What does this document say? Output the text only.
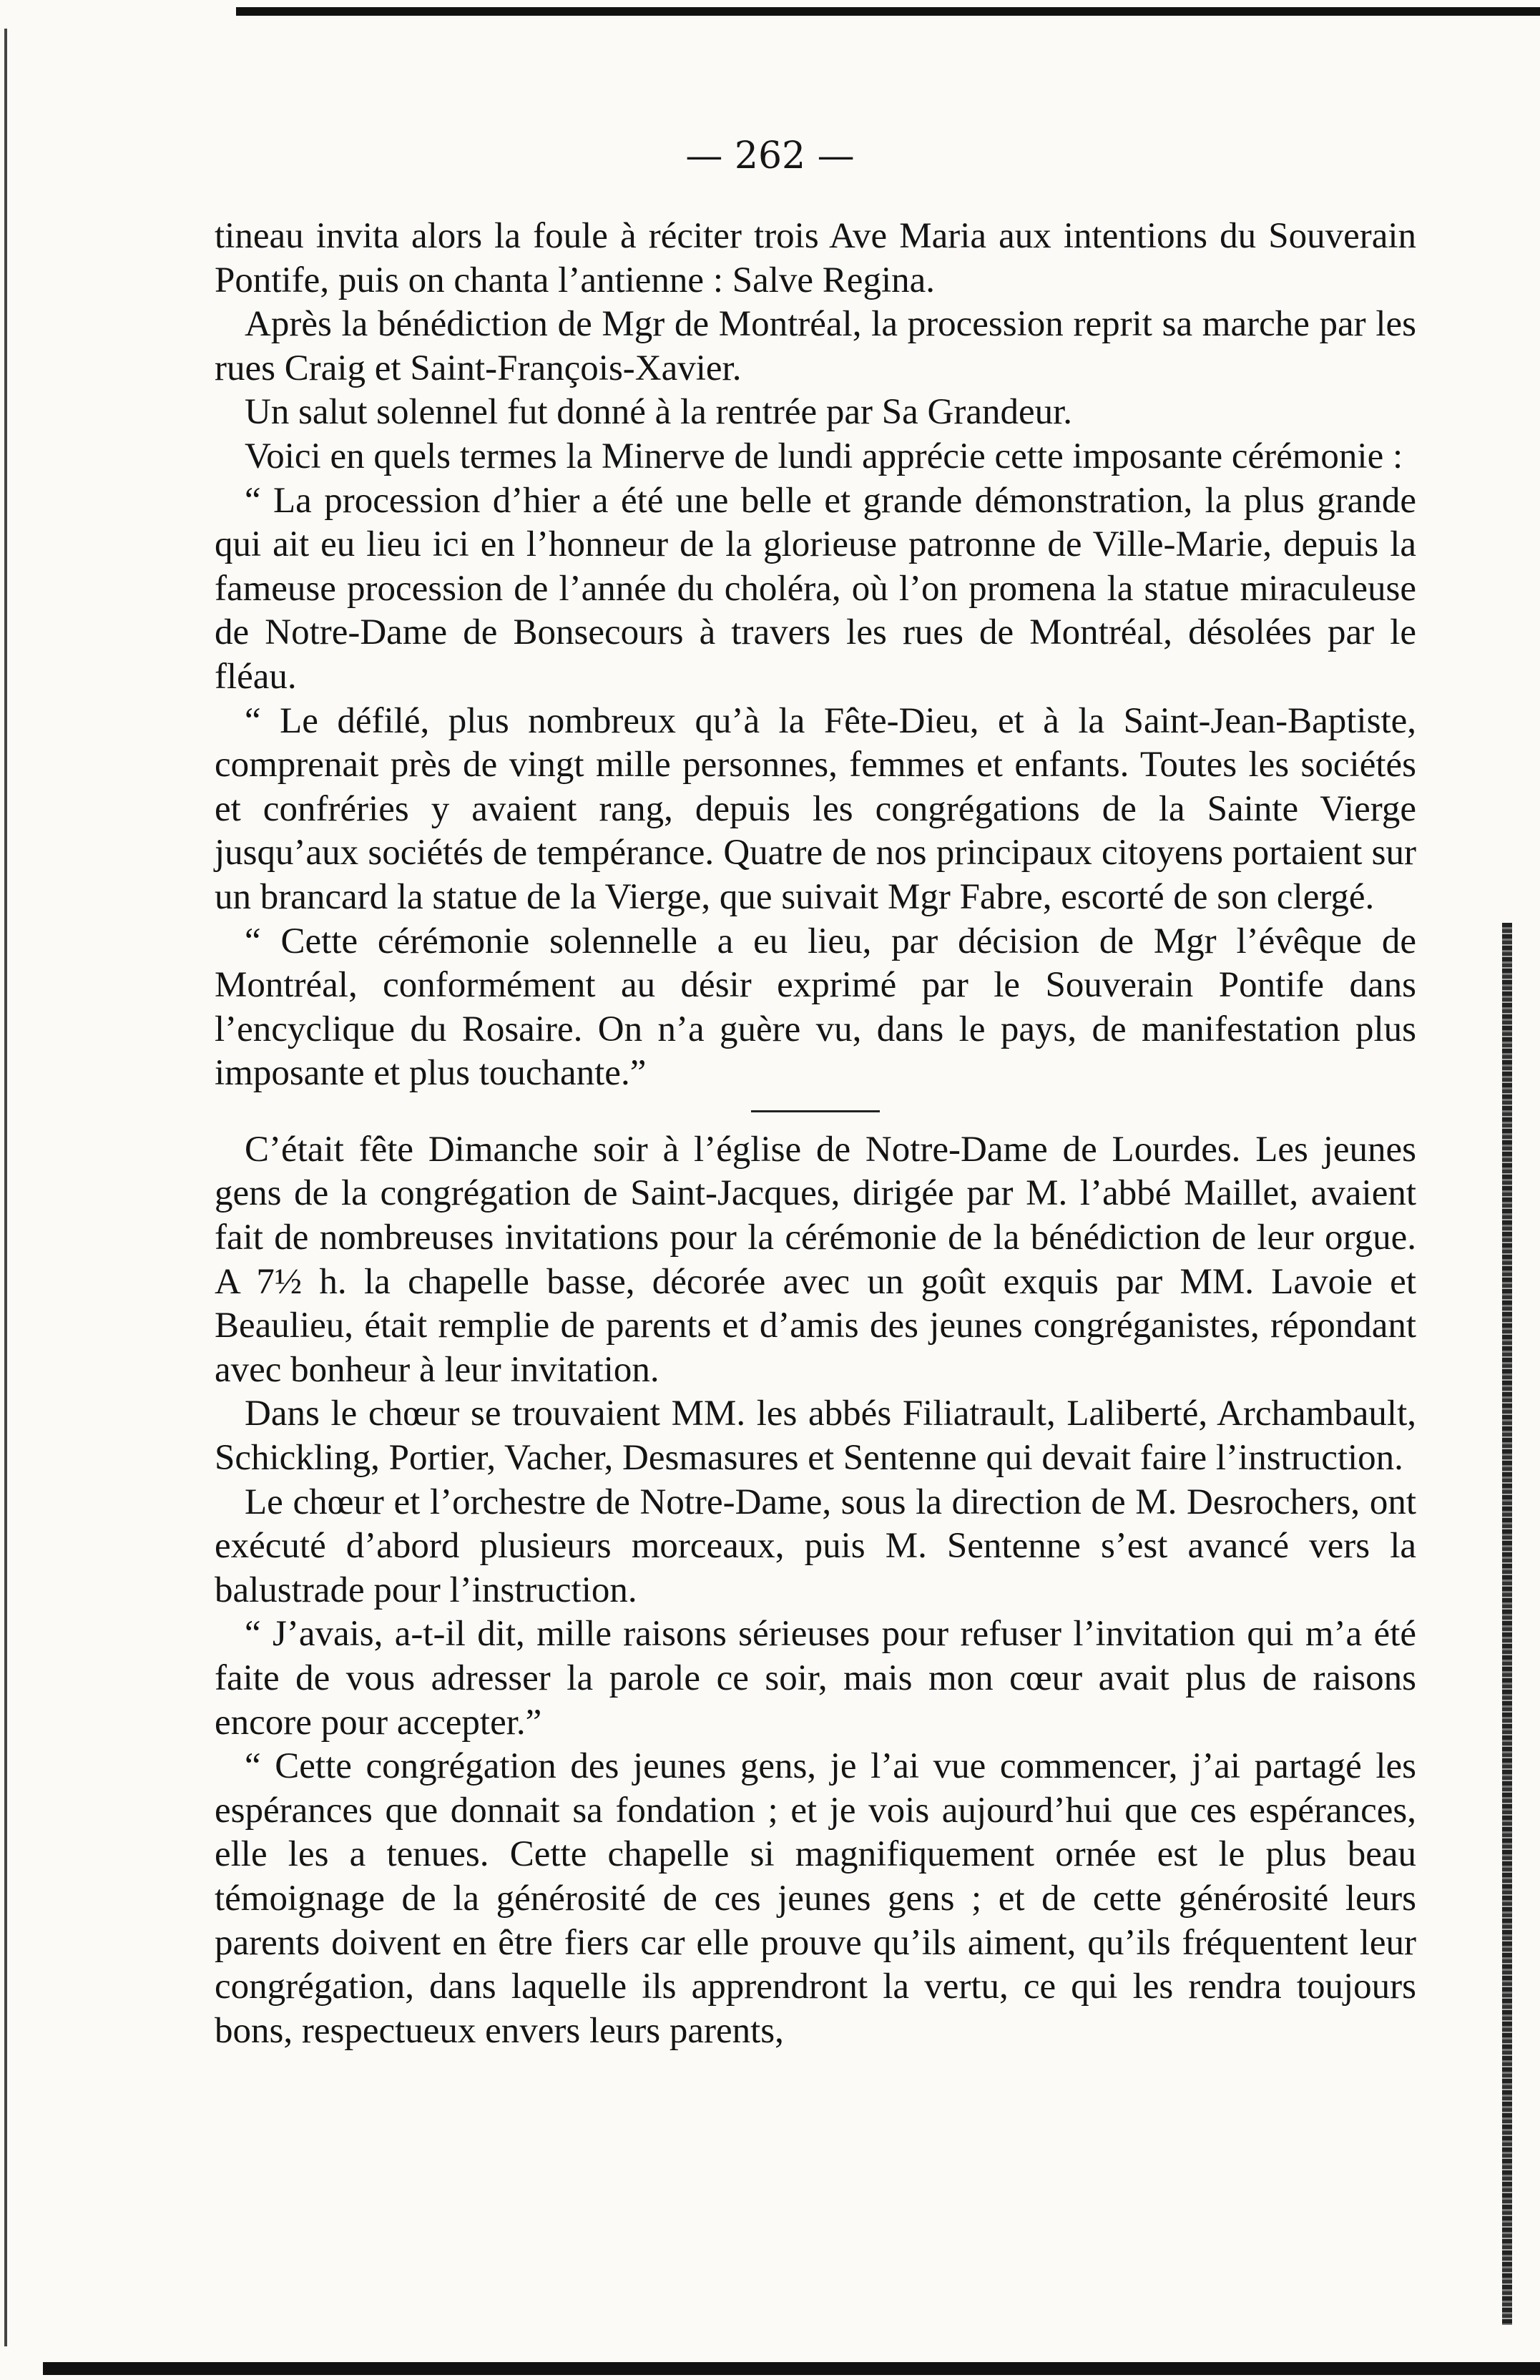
— 262 —

tineau invita alors la foule à réciter trois Ave Maria aux intentions du Souverain Pontife, puis on chanta l’antienne : Salve Regina.

Après la bénédiction de Mgr de Montréal, la procession reprit sa marche par les rues Craig et Saint-François-Xavier.

Un salut solennel fut donné à la rentrée par Sa Grandeur.

Voici en quels termes la Minerve de lundi apprécie cette imposante cérémonie :

“ La procession d’hier a été une belle et grande démonstration, la plus grande qui ait eu lieu ici en l’honneur de la glorieuse patronne de Ville-Marie, depuis la fameuse procession de l’année du choléra, où l’on promena la statue miraculeuse de Notre-Dame de Bonsecours à travers les rues de Montréal, désolées par le fléau.

“ Le défilé, plus nombreux qu’à la Fête-Dieu, et à la Saint-Jean-Baptiste, comprenait près de vingt mille personnes, femmes et enfants. Toutes les sociétés et confréries y avaient rang, depuis les congrégations de la Sainte Vierge jusqu’aux sociétés de tempérance. Quatre de nos principaux citoyens portaient sur un brancard la statue de la Vierge, que suivait Mgr Fabre, escorté de son clergé.

“ Cette cérémonie solennelle a eu lieu, par décision de Mgr l’évêque de Montréal, conformément au désir exprimé par le Souverain Pontife dans l’encyclique du Rosaire. On n’a guère vu, dans le pays, de manifestation plus imposante et plus touchante.”

C’était fête Dimanche soir à l’église de Notre-Dame de Lourdes. Les jeunes gens de la congrégation de Saint-Jacques, dirigée par M. l’abbé Maillet, avaient fait de nombreuses invitations pour la cérémonie de la bénédiction de leur orgue. A 7½ h. la chapelle basse, décorée avec un goût exquis par MM. Lavoie et Beaulieu, était remplie de parents et d’amis des jeunes congréganistes, répondant avec bonheur à leur invitation.

Dans le chœur se trouvaient MM. les abbés Filiatrault, Laliberté, Archambault, Schickling, Portier, Vacher, Desmasures et Sentenne qui devait faire l’instruction.

Le chœur et l’orchestre de Notre-Dame, sous la direction de M. Desrochers, ont exécuté d’abord plusieurs morceaux, puis M. Sentenne s’est avancé vers la balustrade pour l’instruction.

“ J’avais, a-t-il dit, mille raisons sérieuses pour refuser l’invitation qui m’a été faite de vous adresser la parole ce soir, mais mon cœur avait plus de raisons encore pour accepter.”

“ Cette congrégation des jeunes gens, je l’ai vue commencer, j’ai partagé les espérances que donnait sa fondation ; et je vois aujourd’hui que ces espérances, elle les a tenues. Cette chapelle si magnifiquement ornée est le plus beau témoignage de la générosité de ces jeunes gens ; et de cette générosité leurs parents doivent en être fiers car elle prouve qu’ils aiment, qu’ils fréquentent leur congrégation, dans laquelle ils apprendront la vertu, ce qui les rendra toujours bons, respectueux envers leurs parents,
